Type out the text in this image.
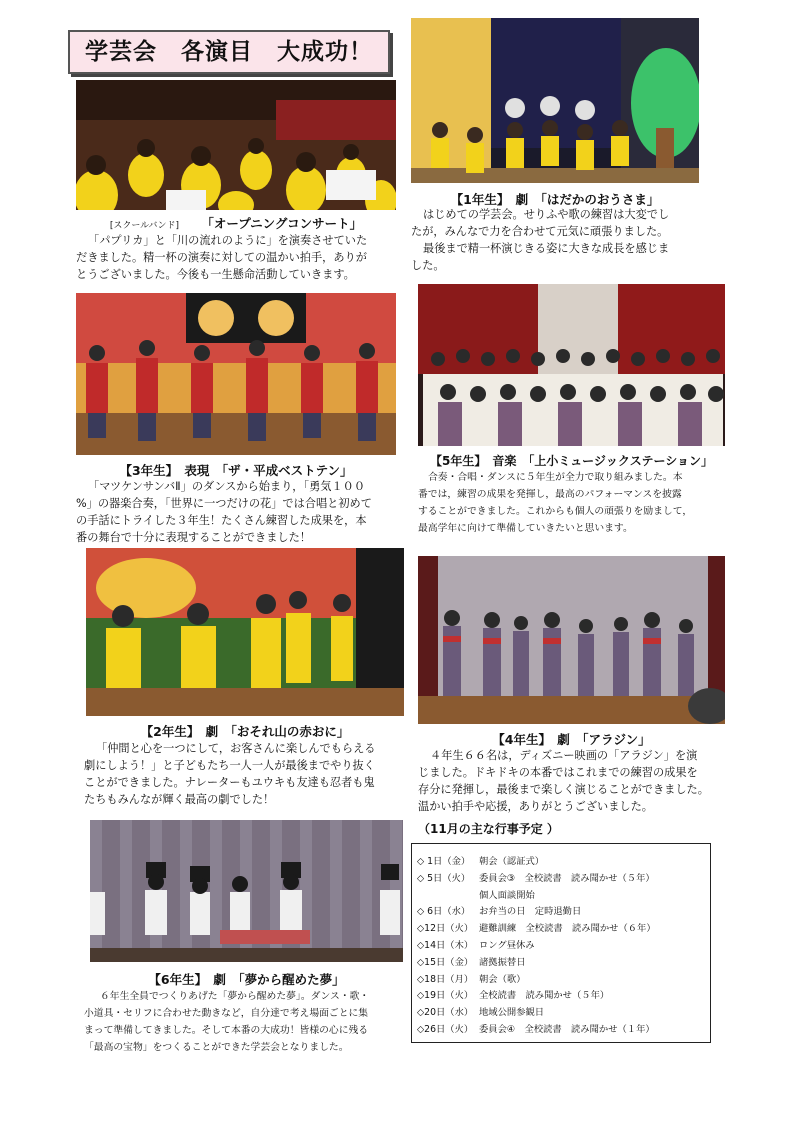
学芸会　各演目　大成功！
[スクールバンド] 「オープニングコンサート」
「パプリカ」と「川の流れのように」を演奏させていた
だきました。精一杯の演奏に対しての温かい拍手，ありが
とうございました。今後も一生懸命活動していきます。
【1年生】　劇　「はだかのおうさま」
はじめての学芸会。せりふや歌の練習は大変でし
たが，みんなで力を合わせて元気に頑張りました。
最後まで精一杯演じきる姿に大きな成長を感じま
した。
【3年生】　表現　「ザ・平成ベストテン」
「マツケンサンバⅡ」のダンスから始まり，「勇気１００
%」の器楽合奏，「世界に一つだけの花」では合唱と初めて
の手話にトライした３年生！たくさん練習した成果を，本
番の舞台で十分に表現することができました！
【5年生】　音楽　「上小ミュージックステーション」
合奏・合唱・ダンスに５年生が全力で取り組みました。本
番では，練習の成果を発揮し，最高のパフォーマンスを披露
することができました。これからも個人の頑張りを励まして，
最高学年に向けて準備していきたいと思います。
【2年生】　劇　「おそれ山の赤おに」
「仲間と心を一つにして，お客さんに楽しんでもらえる
劇にしよう！」と子どもたち一人一人が最後までやり抜く
ことができました。ナレーターもユウキも友達も忍者も鬼
たちもみんなが輝く最高の劇でした！
【4年生】　劇　「アラジン」
４年生６６名は，ディズニー映画の「アラジン」を演
じました。ドキドキの本番ではこれまでの練習の成果を
存分に発揮し，最後まで楽しく演じることができました。
温かい拍手や応援，ありがとうございました。
【6年生】　劇　「夢から醒めた夢」
６年生全員でつくりあげた「夢から醒めた夢」。ダンス・歌・
小道具・セリフに合わせた動きなど，自分達で考え場面ごとに集
まって準備してきました。そして本番の大成功！皆様の心に残る
「最高の宝物」をつくることができた学芸会となりました。
（11月の主な行事予定 ）
◇ 1日（金） 朝会（認証式）
◇ 5日（火） 委員会③　全校読書　読み聞かせ（５年）
個人面談開始
◇ 6日（水） お弁当の日　定時退勤日
◇12日（火） 避難訓練　全校読書　読み聞かせ（６年）
◇14日（木） ロング昼休み
◇15日（金） 諸拠振替日
◇18日（月） 朝会（歌）
◇19日（火） 全校読書　読み聞かせ（５年）
◇20日（水） 地域公開参観日
◇26日（火） 委員会④　全校読書　読み聞かせ（１年）
